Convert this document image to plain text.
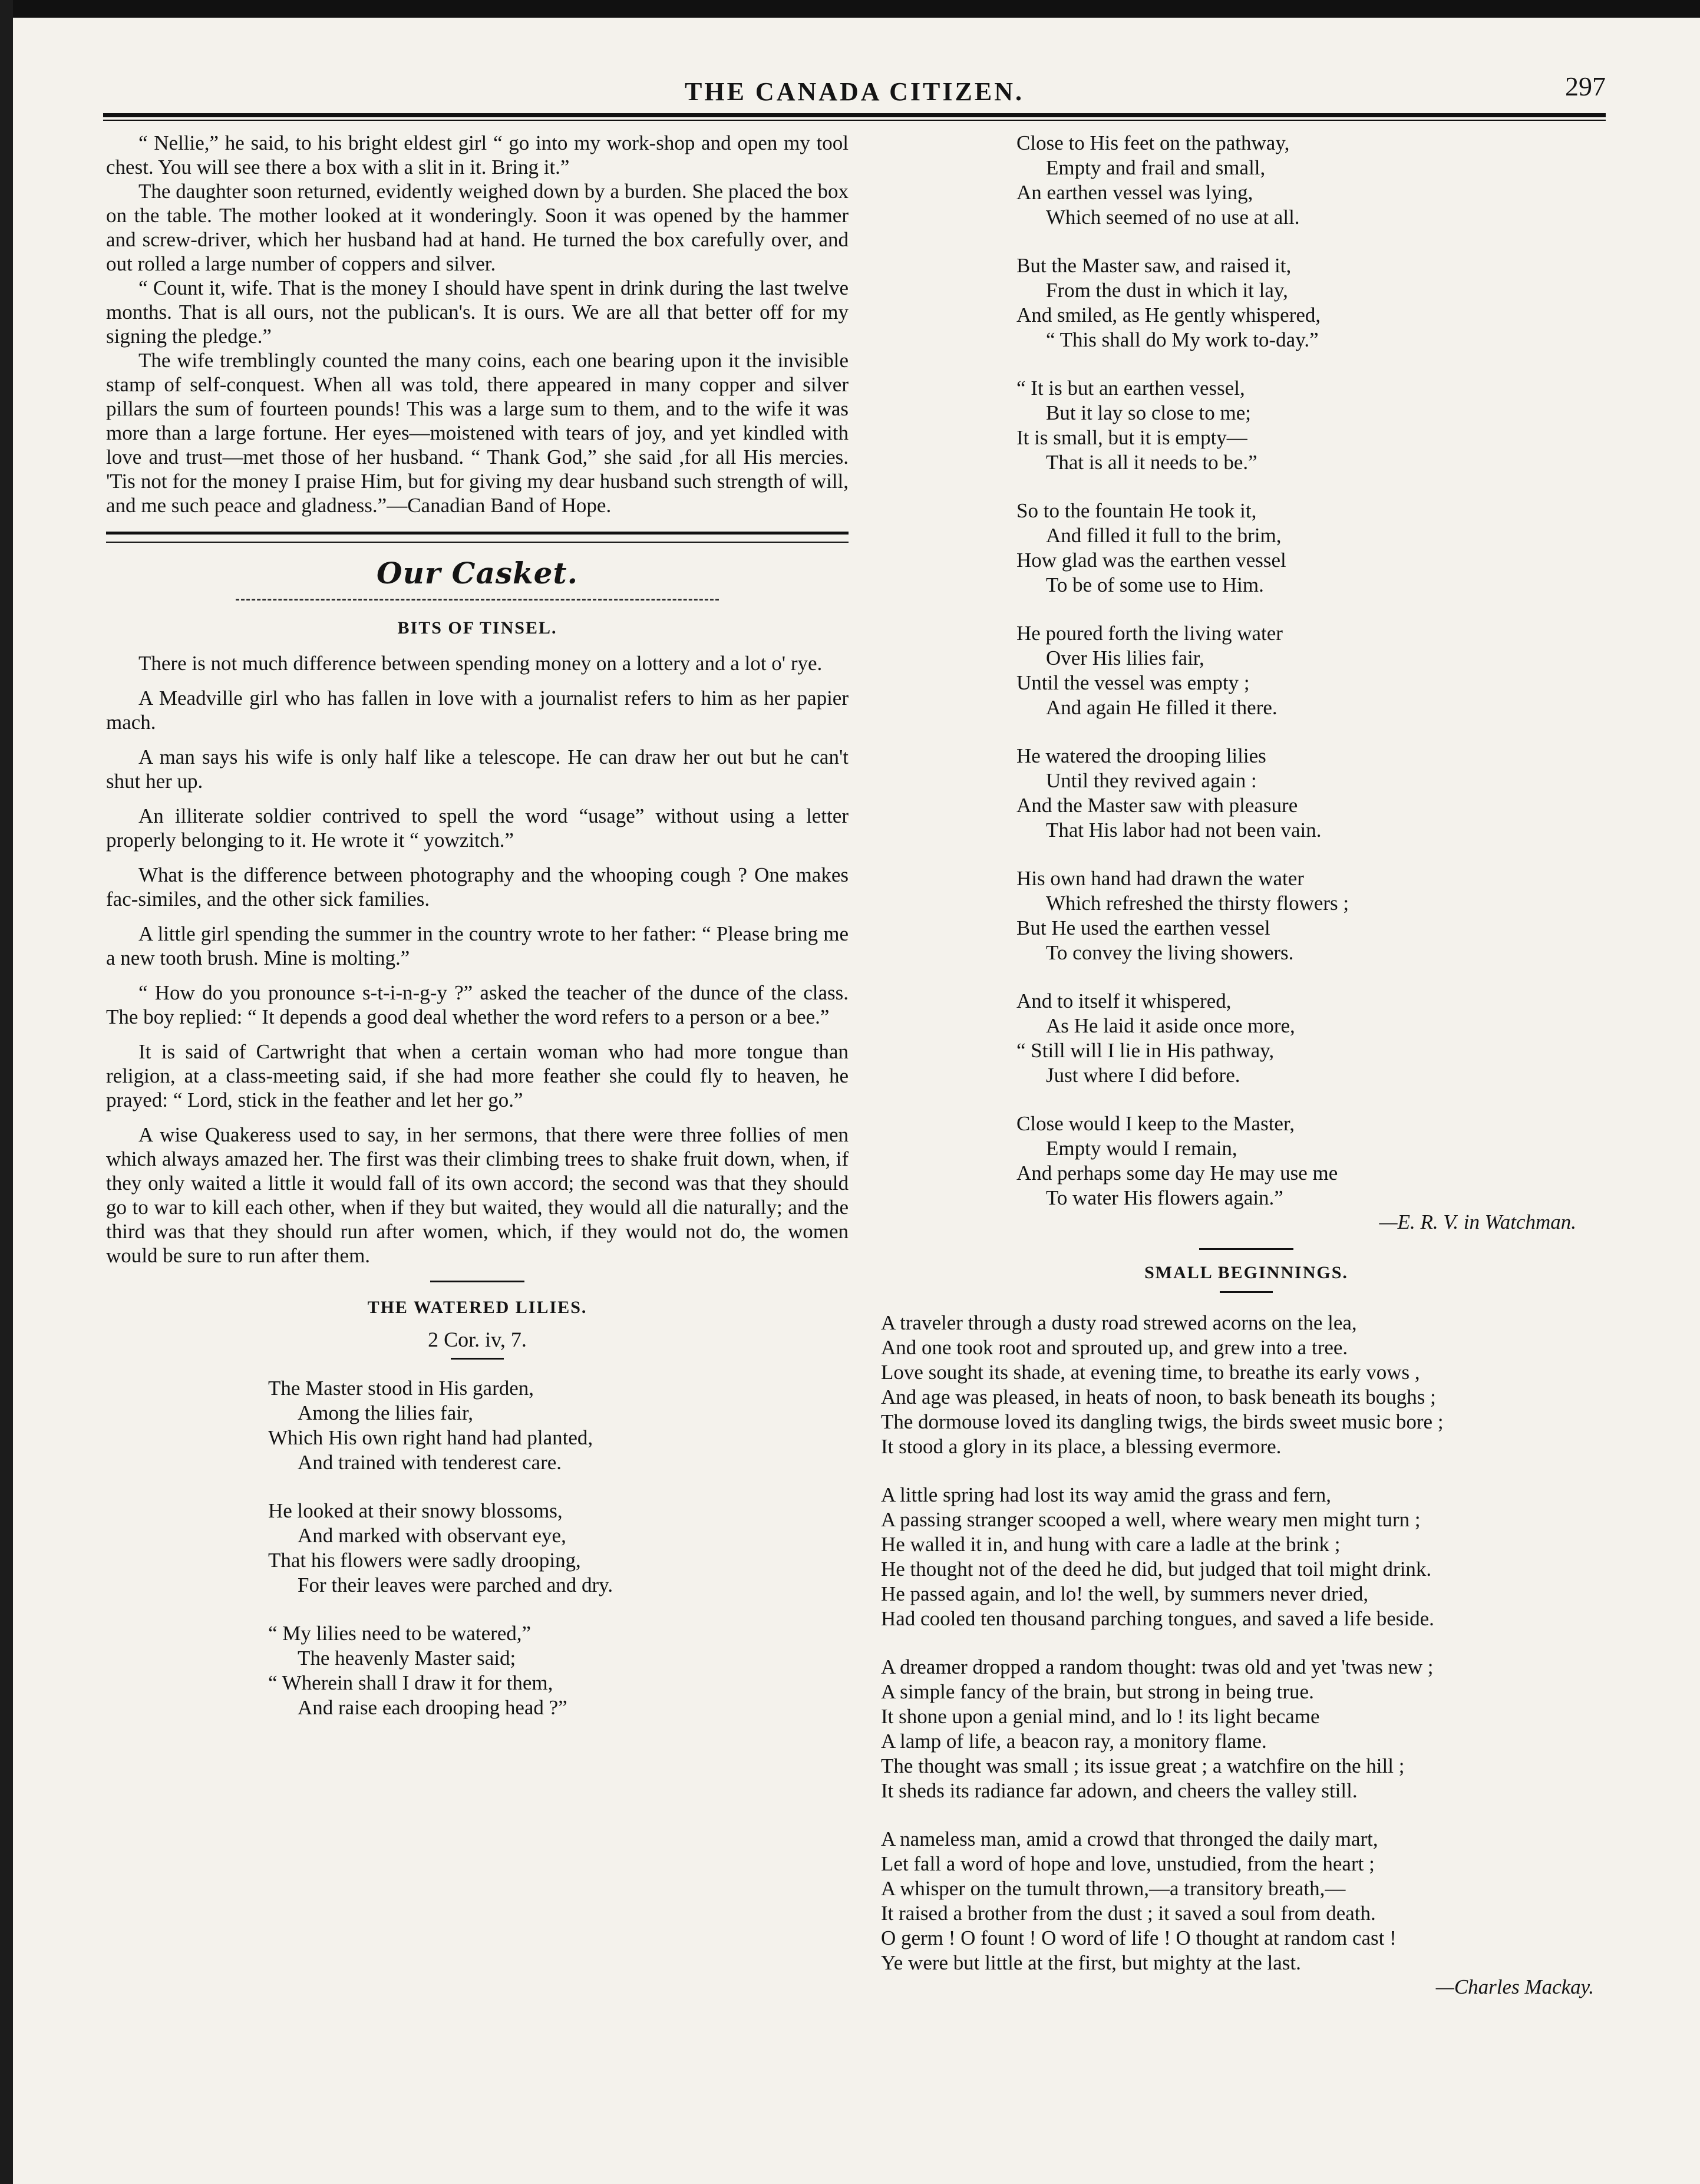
THE CANADA CITIZEN.	297

“ Nellie,” he said, to his bright eldest girl “ go into my work-shop and open my tool chest. You will see there a box with a slit in it. Bring it.”

The daughter soon returned, evidently weighed down by a burden. She placed the box on the table. The mother looked at it wonderingly. Soon it was opened by the hammer and screw-driver, which her husband had at hand. He turned the box carefully over, and out rolled a large number of coppers and silver.

“ Count it, wife. That is the money I should have spent in drink during the last twelve months. That is all ours, not the publican's. It is ours. We are all that better off for my signing the pledge.”

The wife tremblingly counted the many coins, each one bearing upon it the invisible stamp of self-conquest. When all was told, there appeared in many copper and silver pillars the sum of fourteen pounds! This was a large sum to them, and to the wife it was more than a large fortune. Her eyes—moistened with tears of joy, and yet kindled with love and trust—met those of her husband. “ Thank God,” she said ,for all His mercies. 'Tis not for the money I praise Him, but for giving my dear husband such strength of will, and me such peace and gladness.”—Canadian Band of Hope.

Our Casket.
BITS OF TINSEL.

There is not much difference between spending money on a lottery and a lot o' rye.

A Meadville girl who has fallen in love with a journalist refers to him as her papier mach.

A man says his wife is only half like a telescope. He can draw her out but he can't shut her up.

An illiterate soldier contrived to spell the word “usage” without using a letter properly belonging to it. He wrote it “ yowzitch.”

What is the difference between photography and the whooping cough ? One makes fac-similes, and the other sick families.

A little girl spending the summer in the country wrote to her father: “ Please bring me a new tooth brush. Mine is molting.”

“ How do you pronounce s-t-i-n-g-y ?” asked the teacher of the dunce of the class. The boy replied: “ It depends a good deal whether the word refers to a person or a bee.”

It is said of Cartwright that when a certain woman who had more tongue than religion, at a class-meeting said, if she had more feather she could fly to heaven, he prayed: “ Lord, stick in the feather and let her go.”

A wise Quakeress used to say, in her sermons, that there were three follies of men which always amazed her. The first was their climbing trees to shake fruit down, when, if they only waited a little it would fall of its own accord; the second was that they should go to war to kill each other, when if they but waited, they would all die naturally; and the third was that they should run after women, which, if they would not do, the women would be sure to run after them.

THE WATERED LILIES.
2 Cor. iv, 7.
The Master stood in His garden,
Among the lilies fair,
Which His own right hand had planted,
And trained with tenderest care.
He looked at their snowy blossoms,
And marked with observant eye,
That his flowers were sadly drooping,
For their leaves were parched and dry.
“ My lilies need to be watered,”
The heavenly Master said;
“ Wherein shall I draw it for them,
And raise each drooping head ?”
Close to His feet on the pathway,
Empty and frail and small,
An earthen vessel was lying,
Which seemed of no use at all.
But the Master saw, and raised it,
From the dust in which it lay,
And smiled, as He gently whispered,
“ This shall do My work to-day.”
“ It is but an earthen vessel,
But it lay so close to me;
It is small, but it is empty—
That is all it needs to be.”
So to the fountain He took it,
And filled it full to the brim,
How glad was the earthen vessel
To be of some use to Him.
He poured forth the living water
Over His lilies fair,
Until the vessel was empty ;
And again He filled it there.
He watered the drooping lilies
Until they revived again :
And the Master saw with pleasure
That His labor had not been vain.
His own hand had drawn the water
Which refreshed the thirsty flowers ;
But He used the earthen vessel
To convey the living showers.
And to itself it whispered,
As He laid it aside once more,
“ Still will I lie in His pathway,
Just where I did before.
Close would I keep to the Master,
Empty would I remain,
And perhaps some day He may use me
To water His flowers again.”
—E. R. V. in Watchman.
SMALL BEGINNINGS.
A traveler through a dusty road strewed acorns on the lea,
And one took root and sprouted up, and grew into a tree.
Love sought its shade, at evening time, to breathe its early vows ,
And age was pleased, in heats of noon, to bask beneath its boughs ;
The dormouse loved its dangling twigs, the birds sweet music bore ;
It stood a glory in its place, a blessing evermore.
A little spring had lost its way amid the grass and fern,
A passing stranger scooped a well, where weary men might turn ;
He walled it in, and hung with care a ladle at the brink ;
He thought not of the deed he did, but judged that toil might drink.
He passed again, and lo! the well, by summers never dried,
Had cooled ten thousand parching tongues, and saved a life beside.
A dreamer dropped a random thought: twas old and yet 'twas new ;
A simple fancy of the brain, but strong in being true.
It shone upon a genial mind, and lo ! its light became
A lamp of life, a beacon ray, a monitory flame.
The thought was small ; its issue great ; a watchfire on the hill ;
It sheds its radiance far adown, and cheers the valley still.
A nameless man, amid a crowd that thronged the daily mart,
Let fall a word of hope and love, unstudied, from the heart ;
A whisper on the tumult thrown,—a transitory breath,—
It raised a brother from the dust ; it saved a soul from death.
O germ ! O fount ! O word of life ! O thought at random cast !
Ye were but little at the first, but mighty at the last.
—Charles Mackay.
